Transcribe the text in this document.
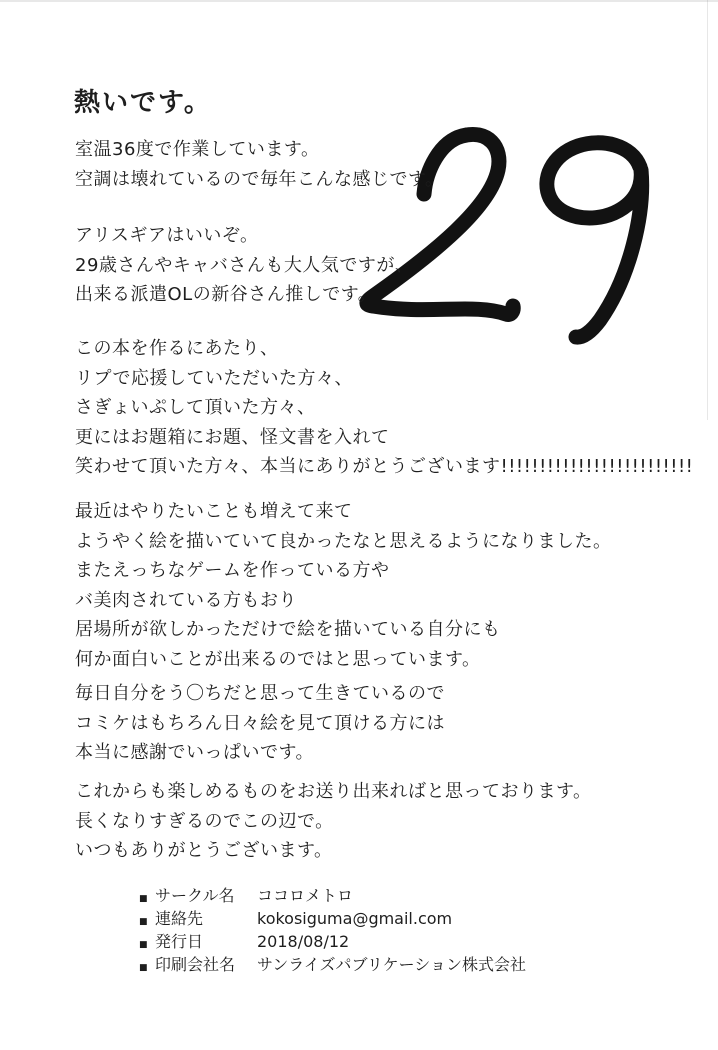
熱いです。
室温36度で作業しています。
空調は壊れているので毎年こんな感じです。
アリスギアはいいぞ。
29歳さんやキャバさんも大人気ですが、
出来る派遣OLの新谷さん推しです。
この本を作るにあたり、
リプで応援していただいた方々、
さぎょいぷして頂いた方々、
更にはお題箱にお題、怪文書を入れて
笑わせて頂いた方々、本当にありがとうございます!!!!!!!!!!!!!!!!!!!!!!!!!
最近はやりたいことも増えて来て
ようやく絵を描いていて良かったなと思えるようになりました。
またえっちなゲームを作っている方や
バ美肉されている方もおり
居場所が欲しかっただけで絵を描いている自分にも
何か面白いことが出来るのではと思っています。
毎日自分をう〇ちだと思って生きているので
コミケはもちろん日々絵を見て頂ける方には
本当に感謝でいっぱいです。
これからも楽しめるものをお送り出来ればと思っております。
長くなりすぎるのでこの辺で。
いつもありがとうございます。
■ サークル名	ココロメトロ
■ 連絡先	kokosiguma@gmail.com
■ 発行日	2018/08/12
■ 印刷会社名	サンライズパブリケーション株式会社
